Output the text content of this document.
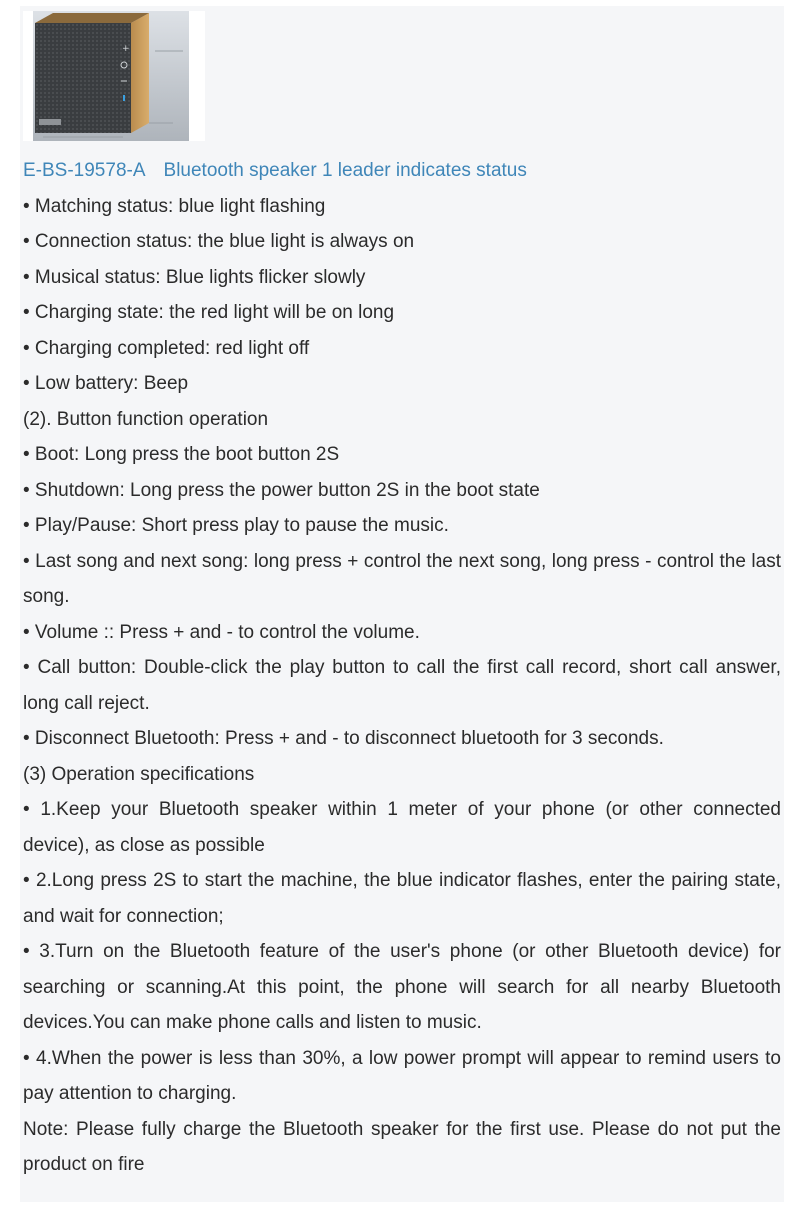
+

E-BS-19578-A Bluetooth speaker 1 leader indicates status

• Matching status: blue light flashing

• Connection status: the blue light is always on

• Musical status: Blue lights flicker slowly

• Charging state: the red light will be on long

• Charging completed: red light off

• Low battery: Beep

(2). Button function operation

• Boot: Long press the boot button 2S

• Shutdown: Long press the power button 2S in the boot state

• Play/Pause: Short press play to pause the music.

• Last song and next song: long press + control the next song, long press - control the last song.

• Volume :: Press + and - to control the volume.

• Call button: Double-click the play button to call the first call record, short call answer, long call reject.

• Disconnect Bluetooth: Press + and - to disconnect bluetooth for 3 seconds.

(3) Operation specifications

• 1.Keep your Bluetooth speaker within 1 meter of your phone (or other connected device), as close as possible

• 2.Long press 2S to start the machine, the blue indicator flashes, enter the pairing state, and wait for connection;

• 3.Turn on the Bluetooth feature of the user's phone (or other Bluetooth device) for searching or scanning.At this point, the phone will search for all nearby Bluetooth devices.You can make phone calls and listen to music.

• 4.When the power is less than 30%, a low power prompt will appear to remind users to pay attention to charging.

Note: Please fully charge the Bluetooth speaker for the first use. Please do not put the product on fire
